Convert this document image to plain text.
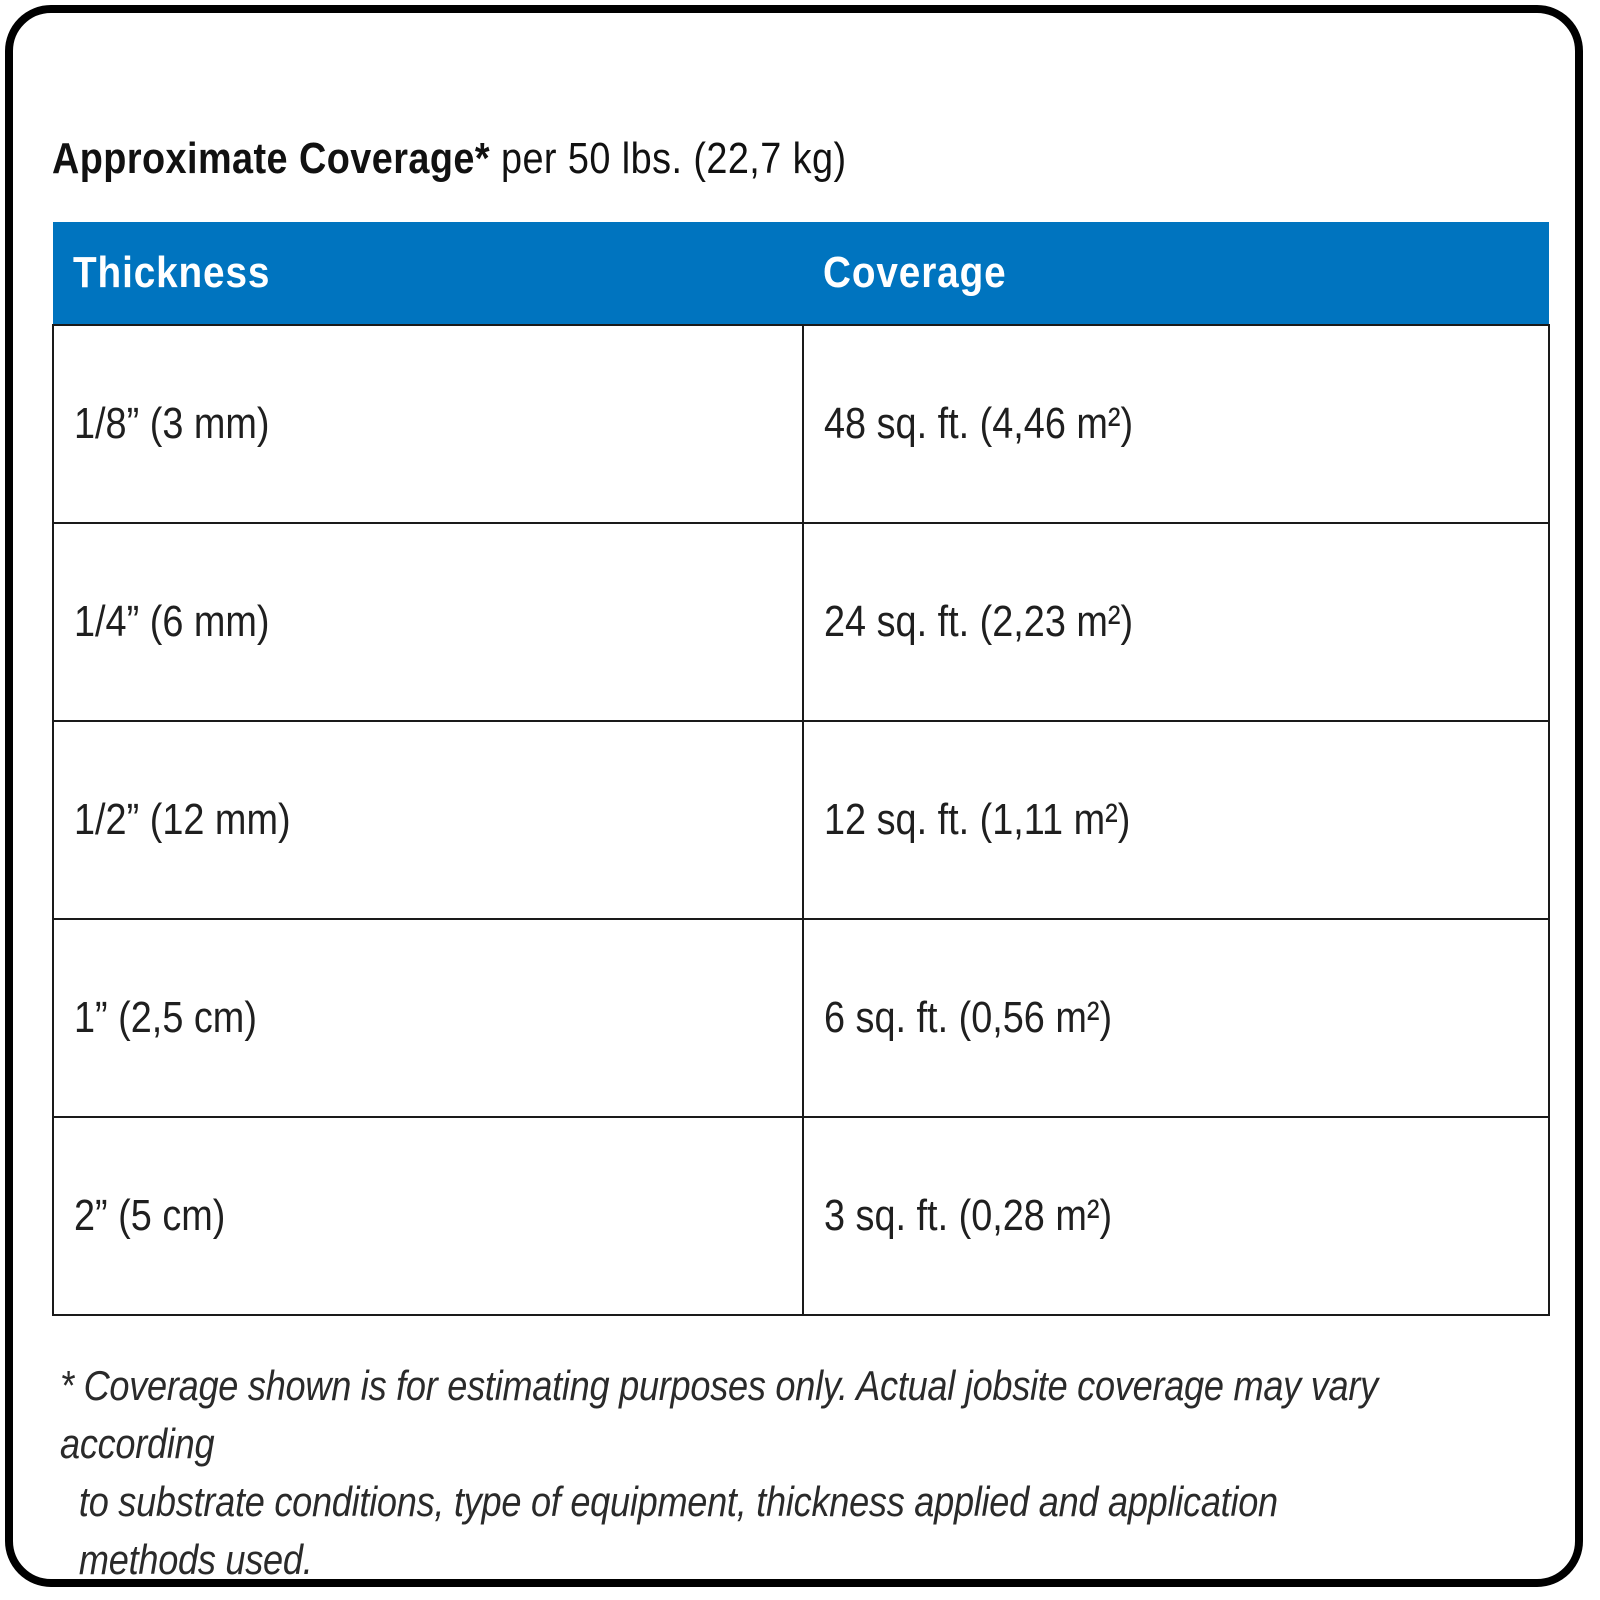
Approximate Coverage* per 50 lbs. (22,7 kg)
Thickness	Coverage
1/8” (3 mm)	48 sq. ft. (4,46 m²)
1/4” (6 mm)	24 sq. ft. (2,23 m²)
1/2” (12 mm)	12 sq. ft. (1,11 m²)
1” (2,5 cm)	6 sq. ft. (0,56 m²)
2” (5 cm)	3 sq. ft. (0,28 m²)
* Coverage shown is for estimating purposes only. Actual jobsite coverage may vary according
to substrate conditions, type of equipment, thickness applied and application methods used.
